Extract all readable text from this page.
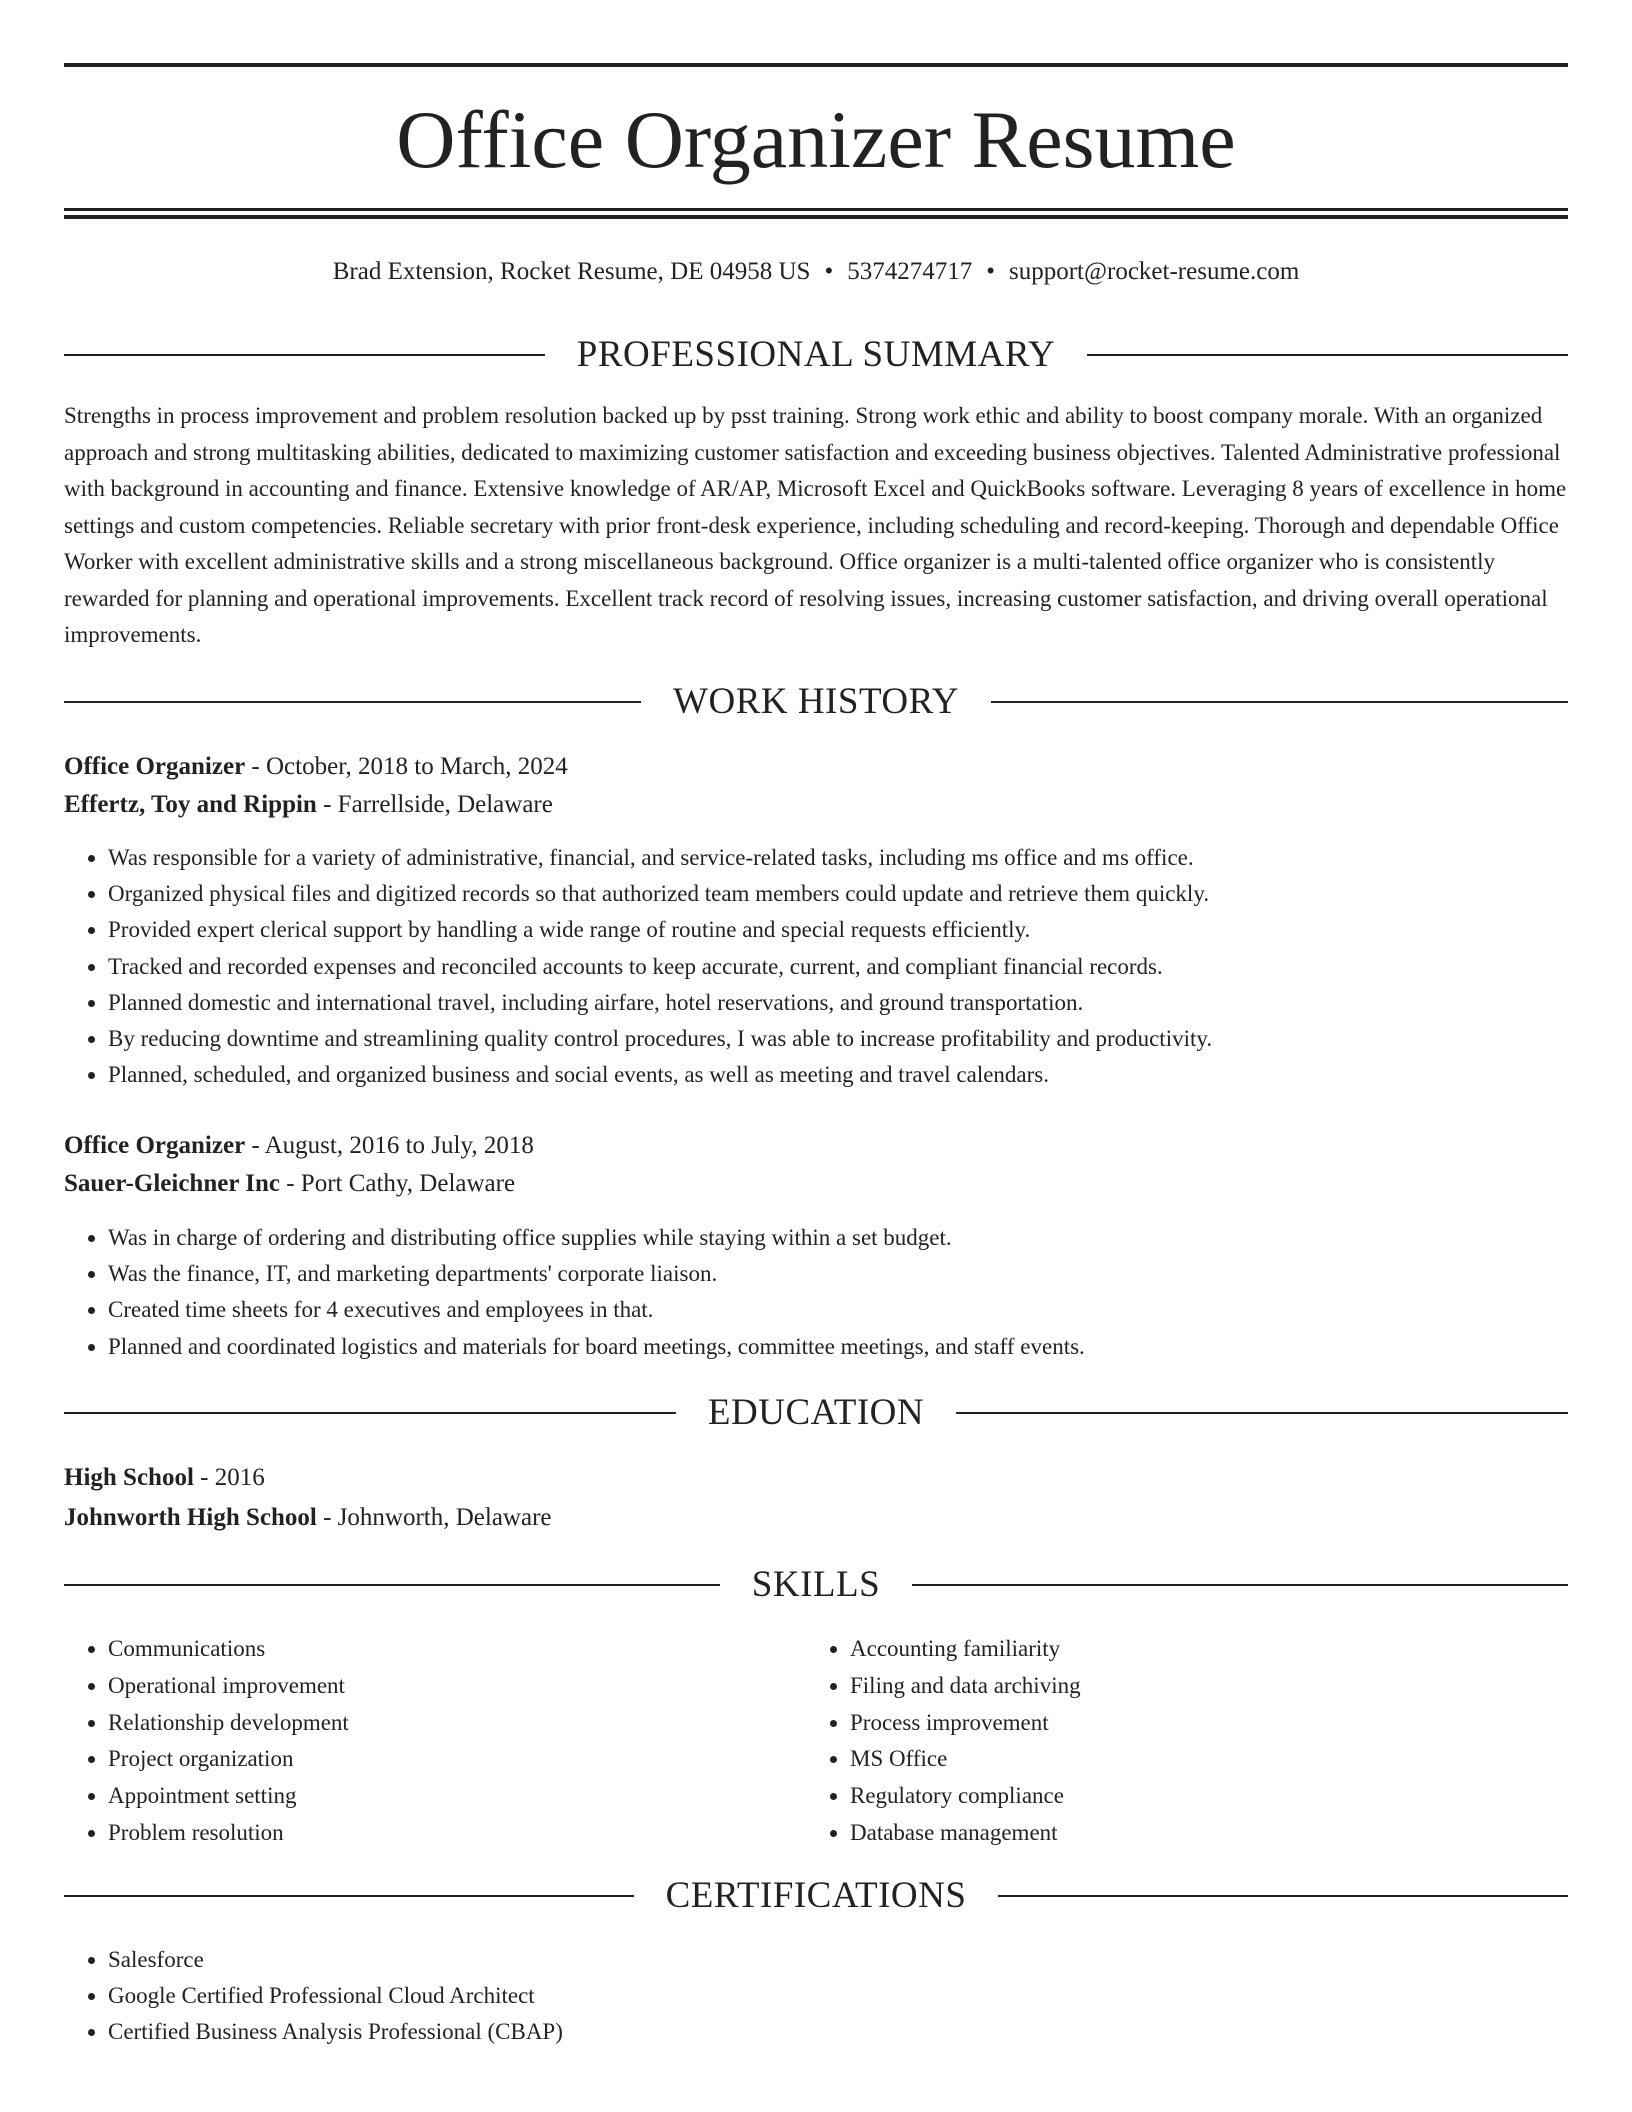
Office Organizer Resume
Brad Extension, Rocket Resume, DE 04958 US • 5374274717 • support@rocket-resume.com
PROFESSIONAL SUMMARY

Strengths in process improvement and problem resolution backed up by psst training. Strong work ethic and ability to boost company morale. With an organized approach and strong multitasking abilities, dedicated to maximizing customer satisfaction and exceeding business objectives. Talented Administrative professional with background in accounting and finance. Extensive knowledge of AR/AP, Microsoft Excel and QuickBooks software. Leveraging 8 years of excellence in home settings and custom competencies. Reliable secretary with prior front-desk experience, including scheduling and record-keeping. Thorough and dependable Office Worker with excellent administrative skills and a strong miscellaneous background. Office organizer is a multi-talented office organizer who is consistently rewarded for planning and operational improvements. Excellent track record of resolving issues, increasing customer satisfaction, and driving overall operational improvements.

WORK HISTORY
Office Organizer - October, 2018 to March, 2024
Effertz, Toy and Rippin - Farrellside, Delaware
• Was responsible for a variety of administrative, financial, and service-related tasks, including ms office and ms office.
• Organized physical files and digitized records so that authorized team members could update and retrieve them quickly.
• Provided expert clerical support by handling a wide range of routine and special requests efficiently.
• Tracked and recorded expenses and reconciled accounts to keep accurate, current, and compliant financial records.
• Planned domestic and international travel, including airfare, hotel reservations, and ground transportation.
• By reducing downtime and streamlining quality control procedures, I was able to increase profitability and productivity.
• Planned, scheduled, and organized business and social events, as well as meeting and travel calendars.
Office Organizer - August, 2016 to July, 2018
Sauer-Gleichner Inc - Port Cathy, Delaware
• Was in charge of ordering and distributing office supplies while staying within a set budget.
• Was the finance, IT, and marketing departments' corporate liaison.
• Created time sheets for 4 executives and employees in that.
• Planned and coordinated logistics and materials for board meetings, committee meetings, and staff events.
EDUCATION
High School - 2016
Johnworth High School - Johnworth, Delaware
SKILLS
• Communications
• Operational improvement
• Relationship development
• Project organization
• Appointment setting
• Problem resolution
• Accounting familiarity
• Filing and data archiving
• Process improvement
• MS Office
• Regulatory compliance
• Database management
CERTIFICATIONS
• Salesforce
• Google Certified Professional Cloud Architect
• Certified Business Analysis Professional (CBAP)
